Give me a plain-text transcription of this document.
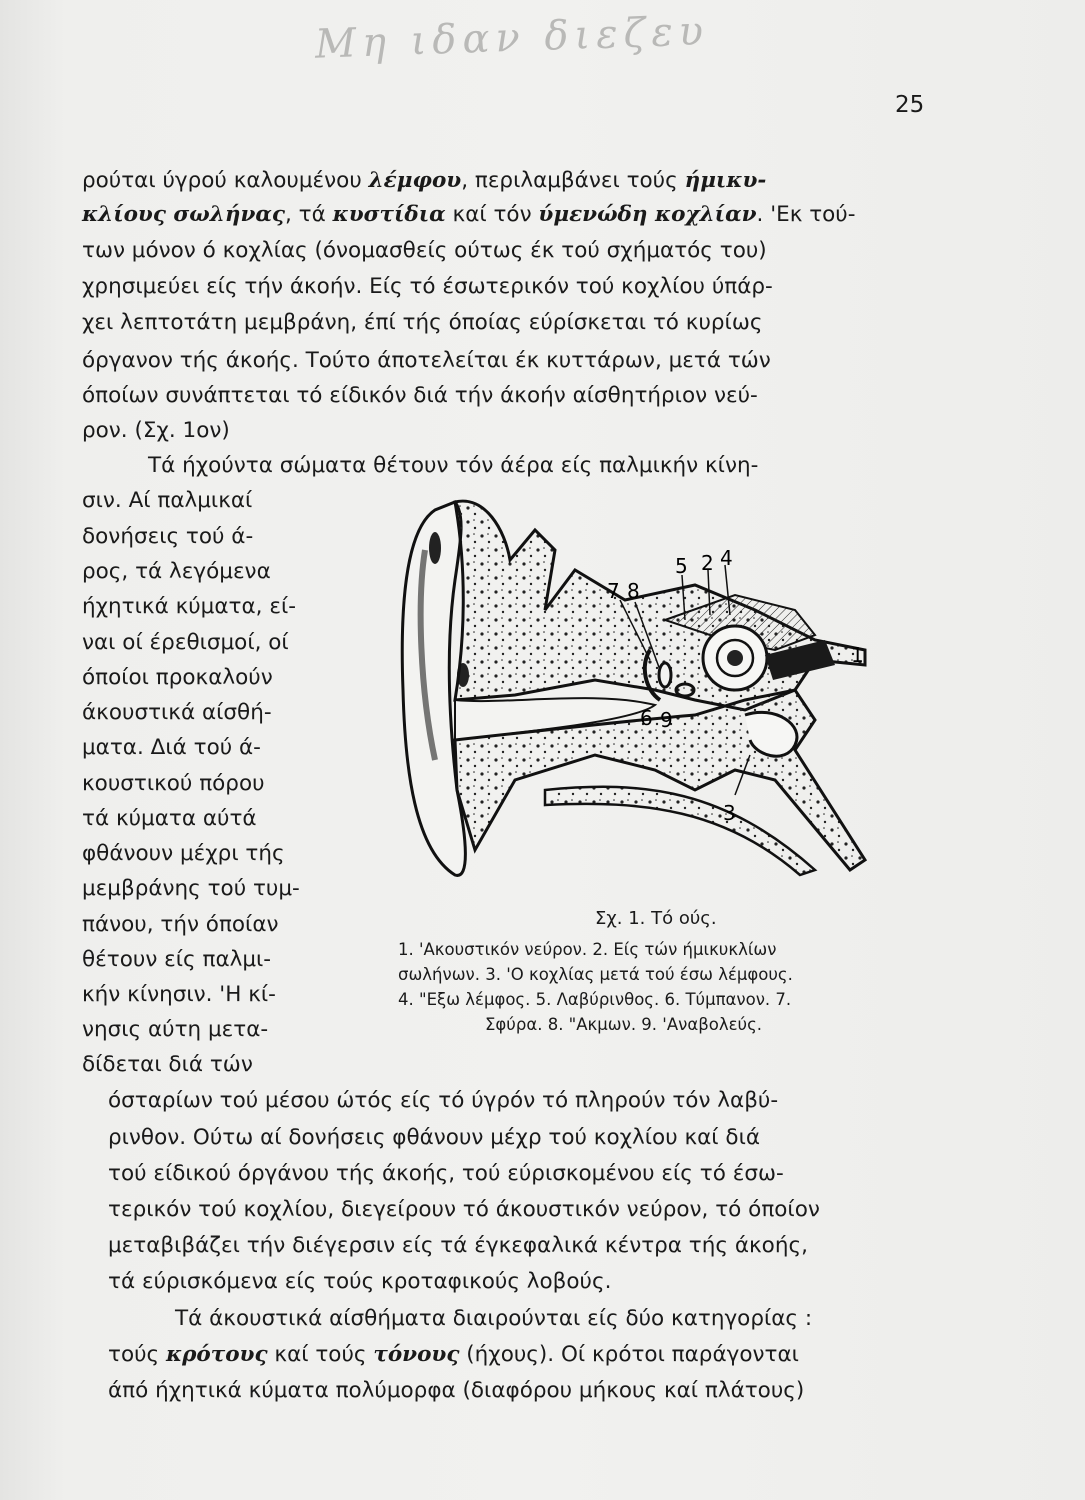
Μη ιδαν διεζευ
25
ρούται ύγρού καλουμένου λέμφου, περιλαμβάνει τούς ήμικυ-
κλίους σωλήνας, τά κυστίδια καί τόν ύμενώδη κοχλίαν. 'Εκ τού-
των μόνον ό κοχλίας (όνομασθείς ούτως έκ τού σχήματός του)
χρησιμεύει είς τήν άκοήν. Είς τό έσωτερικόν τού κοχλίου ύπάρ-
χει λεπτοτάτη μεμβράνη, έπί τής όποίας εύρίσκεται τό κυρίως
όργανον τής άκοής. Τούτο άποτελείται έκ κυττάρων, μετά τών
όποίων συνάπτεται τό είδικόν διά τήν άκοήν αίσθητήριον νεύ-
ρον. (Σχ. 1ον)
Τά ήχούντα σώματα θέτουν τόν άέρα είς παλμικήν κίνη-
σιν. Αί παλμικαί
δονήσεις τού ά-
ρος, τά λεγόμενα
ήχητικά κύματα, εί-
ναι οί έρεθισμοί, οί
όποίοι προκαλούν
άκουστικά αίσθή-
ματα. Διά τού ά-
κουστικού πόρου
τά κύματα αύτά
φθάνουν μέχρι τής
μεμβράνης τού τυμ-
πάνου, τήν όποίαν
θέτουν είς παλμι-
κήν κίνησιν. 'Η κί-
νησις αύτη μετα-
δίδεται διά τών
7 8
5 2 4
1
6 9
3
Σχ. 1. Τό ούς.
1. 'Ακουστικόν νεύρον. 2. Είς τών ήμικυκλίων
σωλήνων. 3. 'Ο κοχλίας μετά τού έσω λέμφους.
4. "Εξω λέμφος. 5. Λαβύρινθος. 6. Τύμπανον. 7.
Σφύρα. 8. "Ακμων. 9. 'Αναβολεύς.
όσταρίων τού μέσου ώτός είς τό ύγρόν τό πληρούν τόν λαβύ-
ρινθον. Ούτω αί δονήσεις φθάνουν μέχρ τού κοχλίου καί διά
τού είδικού όργάνου τής άκοής, τού εύρισκομένου είς τό έσω-
τερικόν τού κοχλίου, διεγείρουν τό άκουστικόν νεύρον, τό όποίον
μεταβιβάζει τήν διέγερσιν είς τά έγκεφαλικά κέντρα τής άκοής,
τά εύρισκόμενα είς τούς κροταφικούς λοβούς.
Τά άκουστικά αίσθήματα διαιρούνται είς δύο κατηγορίας :
τούς κρότους καί τούς τόνους (ήχους). Οί κρότοι παράγονται
άπό ήχητικά κύματα πολύμορφα (διαφόρου μήκους καί πλάτους)
